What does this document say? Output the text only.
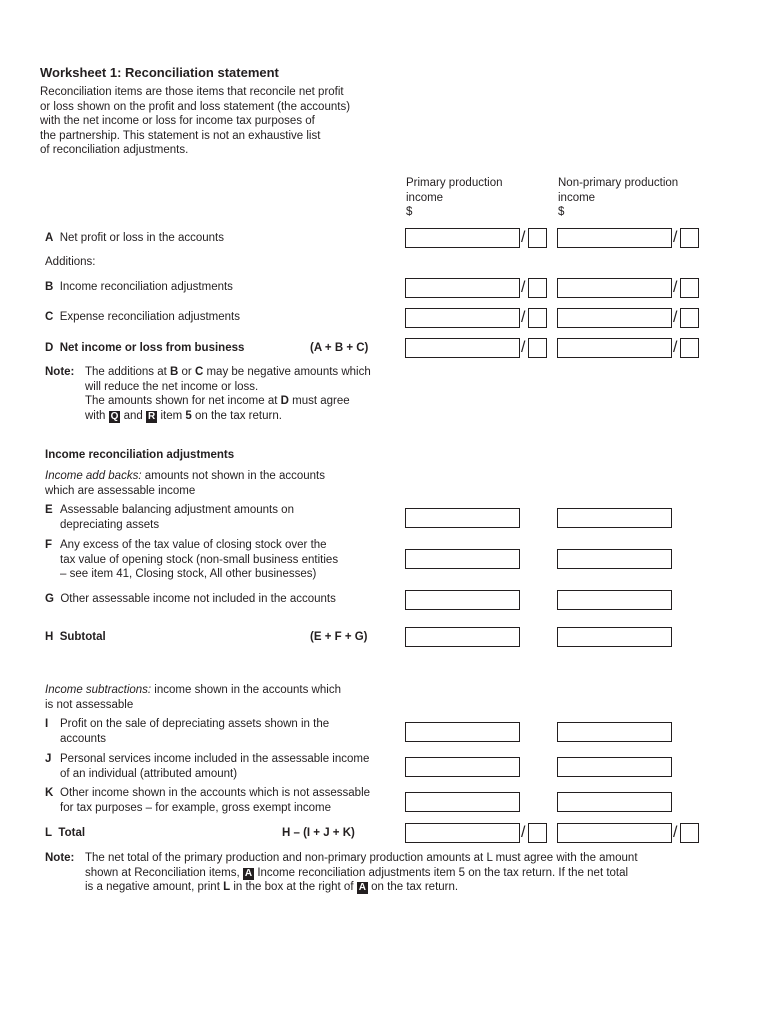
Worksheet 1: Reconciliation statement
Reconciliation items are those items that reconcile net profit
or loss shown on the profit and loss statement (the accounts)
with the net income or loss for income tax purposes of
the partnership. This statement is not an exhaustive list
of reconciliation adjustments.
Primary production
income
$
Non-primary production
income
$
A Net profit or loss in the accounts	/	/
Additions:
B Income reconciliation adjustments	/	/
C Expense reconciliation adjustments	/	/
D Net income or loss from business	(A + B + C)	/	/
Note: The additions at B or C may be negative amounts which
will reduce the net income or loss.
The amounts shown for net income at D must agree
with Q and R item 5 on the tax return.
Income reconciliation adjustments
Income add backs: amounts not shown in the accounts
which are assessable income
E Assessable balancing adjustment amounts on
depreciating assets
F Any excess of the tax value of closing stock over the
tax value of opening stock (non-small business entities
– see item 41, Closing stock, All other businesses)
G Other assessable income not included in the accounts
H Subtotal	(E + F + G)
Income subtractions: income shown in the accounts which
is not assessable
I Profit on the sale of depreciating assets shown in the
accounts
J Personal services income included in the assessable income
of an individual (attributed amount)
K Other income shown in the accounts which is not assessable
for tax purposes – for example, gross exempt income
L Total	H – (I + J + K)	/	/
Note: The net total of the primary production and non-primary production amounts at L must agree with the amount
shown at Reconciliation items, A Income reconciliation adjustments item 5 on the tax return. If the net total
is a negative amount, print L in the box at the right of A on the tax return.
